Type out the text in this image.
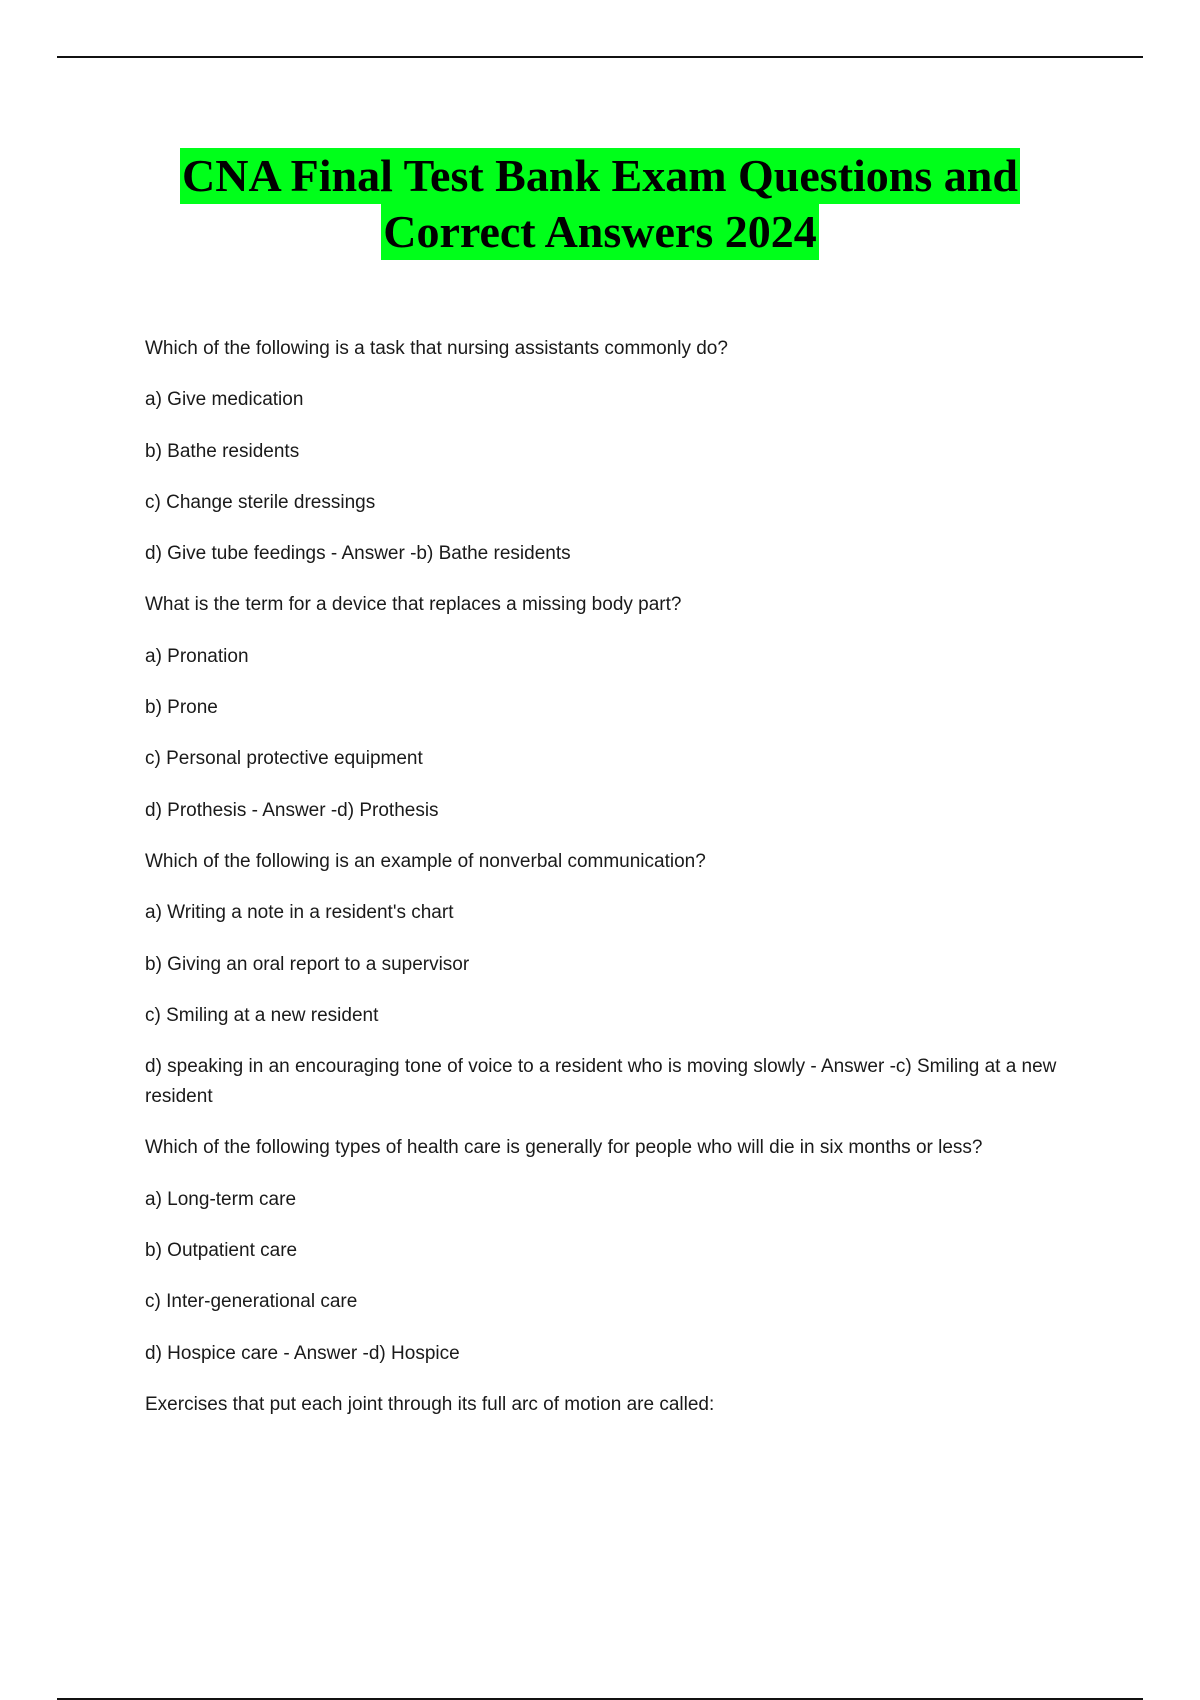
CNA Final Test Bank Exam Questions and
Correct Answers 2024

Which of the following is a task that nursing assistants commonly do?

a) Give medication

b) Bathe residents

c) Change sterile dressings

d) Give tube feedings - Answer -b) Bathe residents

What is the term for a device that replaces a missing body part?

a) Pronation

b) Prone

c) Personal protective equipment

d) Prothesis - Answer -d) Prothesis

Which of the following is an example of nonverbal communication?

a) Writing a note in a resident's chart

b) Giving an oral report to a supervisor

c) Smiling at a new resident

d) speaking in an encouraging tone of voice to a resident who is moving slowly - Answer -c) Smiling at a new resident

Which of the following types of health care is generally for people who will die in six months or less?

a) Long-term care

b) Outpatient care

c) Inter-generational care

d) Hospice care - Answer -d) Hospice

Exercises that put each joint through its full arc of motion are called:
